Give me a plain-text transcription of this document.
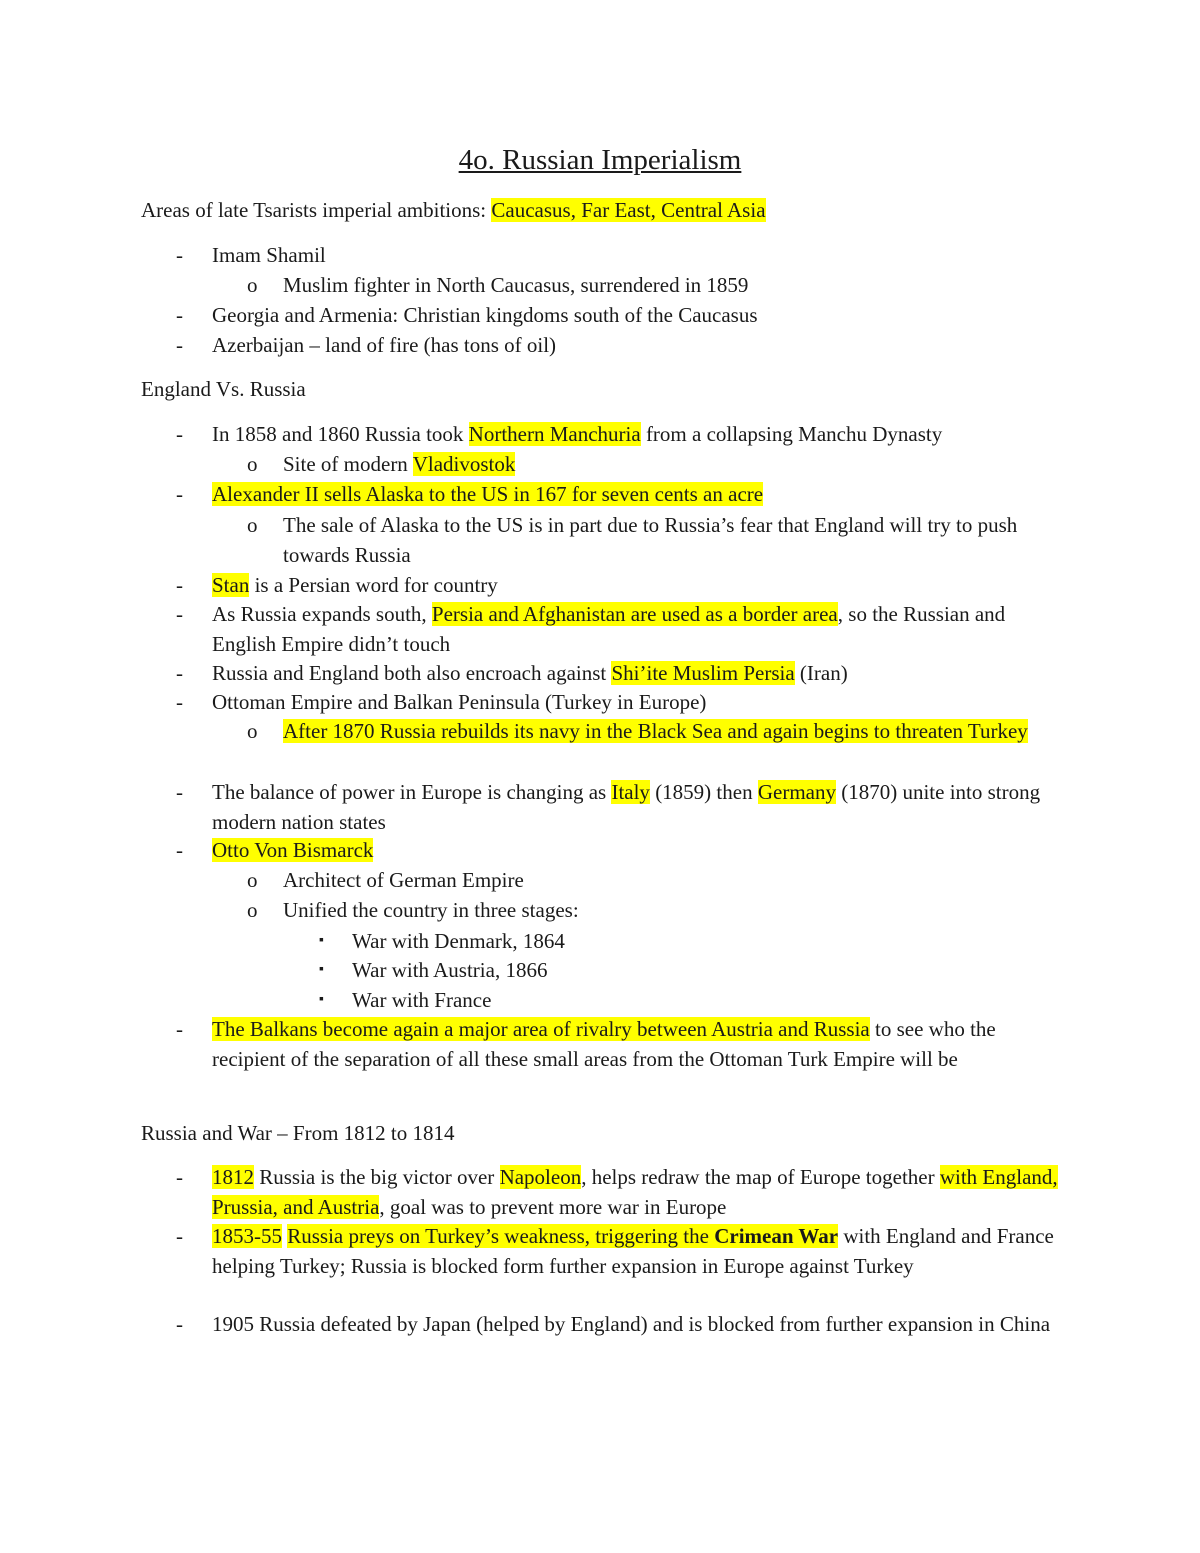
4o. Russian Imperialism

Areas of late Tsarists imperial ambitions: Caucasus, Far East, Central Asia

- Imam Shamil
o Muslim fighter in North Caucasus, surrendered in 1859
- Georgia and Armenia: Christian kingdoms south of the Caucasus
- Azerbaijan – land of fire (has tons of oil)

England Vs. Russia

- In 1858 and 1860 Russia took Northern Manchuria from a collapsing Manchu Dynasty
o Site of modern Vladivostok
- Alexander II sells Alaska to the US in 167 for seven cents an acre
o The sale of Alaska to the US is in part due to Russia’s fear that England will try to push towards Russia
- Stan is a Persian word for country
- As Russia expands south, Persia and Afghanistan are used as a border area, so the Russian and English Empire didn’t touch
- Russia and England both also encroach against Shi’ite Muslim Persia (Iran)
- Ottoman Empire and Balkan Peninsula (Turkey in Europe)
o After 1870 Russia rebuilds its navy in the Black Sea and again begins to threaten Turkey
- The balance of power in Europe is changing as Italy (1859) then Germany (1870) unite into strong modern nation states
- Otto Von Bismarck
o Architect of German Empire
o Unified the country in three stages:
▪ War with Denmark, 1864
▪ War with Austria, 1866
▪ War with France
- The Balkans become again a major area of rivalry between Austria and Russia to see who the recipient of the separation of all these small areas from the Ottoman Turk Empire will be

Russia and War – From 1812 to 1814

- 1812 Russia is the big victor over Napoleon, helps redraw the map of Europe together with England, Prussia, and Austria, goal was to prevent more war in Europe
- 1853-55 Russia preys on Turkey’s weakness, triggering the Crimean War with England and France helping Turkey; Russia is blocked form further expansion in Europe against Turkey
- 1905 Russia defeated by Japan (helped by England) and is blocked from further expansion in China
